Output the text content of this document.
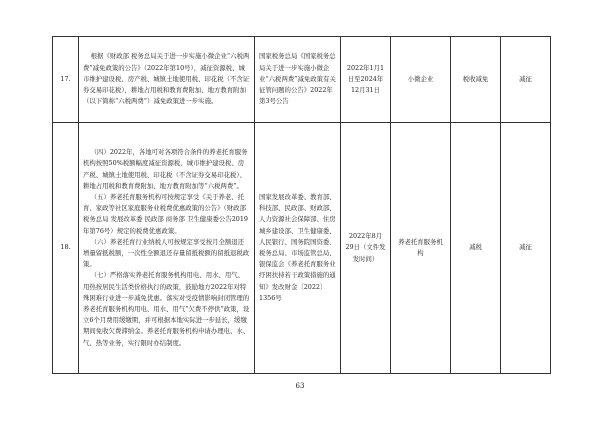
17.	根据《财政部 税务总局关于进一步实施小微企业“六税两费”减免政策的公告》（2022年第10号），减征资源税、城市维护建设税、房产税、城镇土地使用税、印花税（不含证券交易印花税），耕地占用税和教育费附加、地方教育附加（以下简称“六税两费”）减免政策进一步实施。	国家税务总局《国家税务总局关于进一步实施小微企业“六税两费”减免政策有关征管问题的公告》2022年第3号公告	2022年1月1日至2024年12月31日	小微企业	税收减免	减征
18.	（四）2022年，各地可对各项符合条件的养老托育服务机构按照50%税额幅度减征资源税、城市维护建设税、房产税、城镇土地使用税、印花税（不含证券交易印花税）、耕地占用税和教育费附加、地方教育附加等“六税两费”。

（五）养老托育服务机构可按规定享受《关于养老、托育、家政等社区家庭服务业税费优惠政策的公告》（财政部 税务总局 发展改革委 民政部 商务部 卫生健康委公告2019年第76号）规定的税费优惠政策。

（六）养老托育行业纳税人可按规定享受按月全额退还增量留抵税额，一次性全额退还存量留抵税额的留抵退税政策。

（七）严格落实养老托育服务机构用电、用水、用气、用热按居民生活类价格执行的政策，鼓励地方2022年对特殊困难行业进一步减免优惠。落实对受疫情影响封闭管理的养老托育服务机构用电、用水、用气“欠费不停供”政策，设立6个月费用缓缴期，并可根据本地实际进一步延长，缓缴期间免收欠费滞纳金。养老托育服务机构申请办理电、水、气、热等业务，实行限时办结制度。	国家发展改革委、教育部、科技部、民政部、财政部、人力资源社会保障部、住房城乡建设部、卫生健康委、人民银行、国务院国资委、税务总局、市场监管总局、银保监会《养老托育服务业纾困扶持若干政策措施的通知》发改财金〔2022〕1356号	2022年8月29日（文件发发时间）	养老托育服务机构	减税	减征
63
